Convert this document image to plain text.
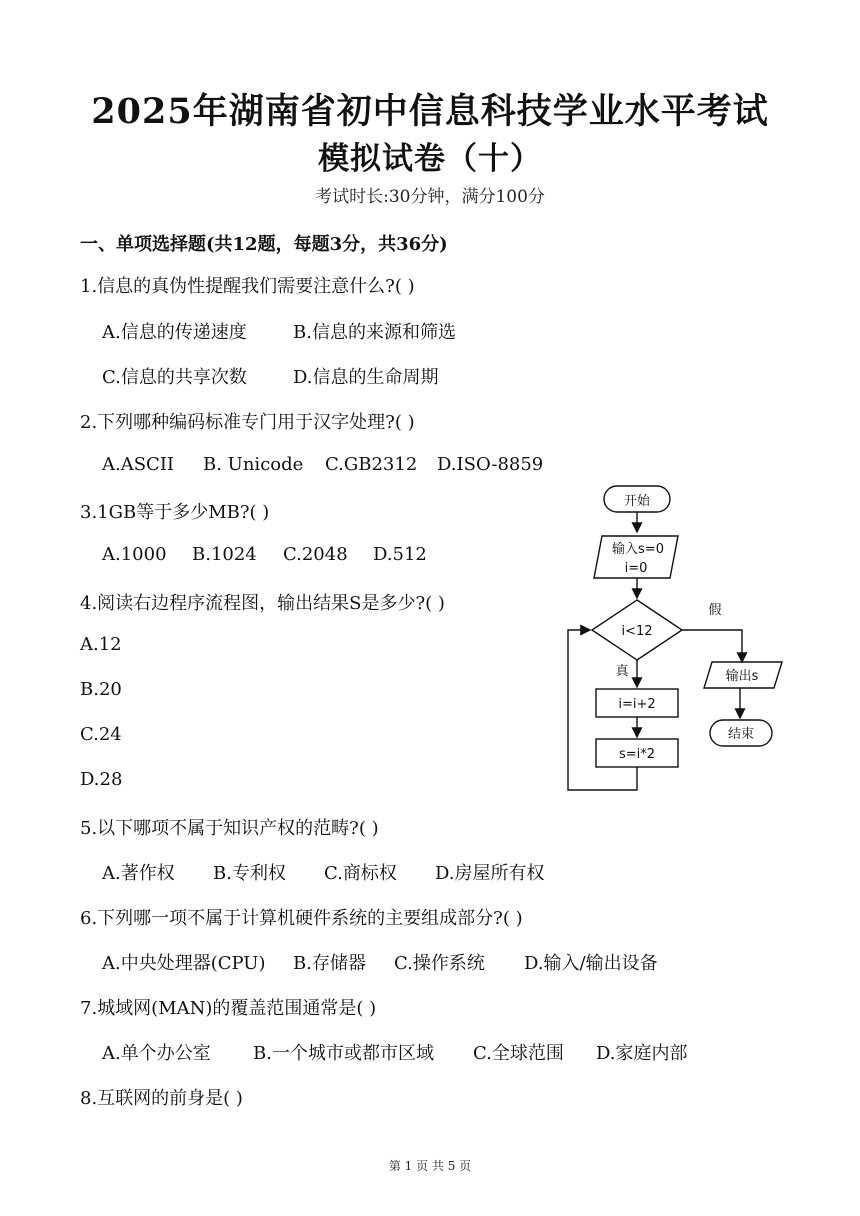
2025年湖南省初中信息科技学业水平考试
模拟试卷（十）
考试时长:30分钟，满分100分
一、单项选择题(共12题，每题3分，共36分)
1.信息的真伪性提醒我们需要注意什么?( )
A.信息的传递速度	B.信息的来源和筛选
C.信息的共享次数	D.信息的生命周期
2.下列哪种编码标准专门用于汉字处理?( )
A.ASCII B. Unicode C.GB2312 D.ISO-8859
3.1GB等于多少MB?( )
A.1000 B.1024 C.2048 D.512
4.阅读右边程序流程图，输出结果S是多少?( )
A.12
B.20
C.24
D.28
5.以下哪项不属于知识产权的范畴?( )
A.著作权 B.专利权 C.商标权 D.房屋所有权
6.下列哪一项不属于计算机硬件系统的主要组成部分?( )
A.中央处理器(CPU) B.存储器 C.操作系统 D.输入/输出设备
7.城域网(MAN)的覆盖范围通常是( )
A.单个办公室 B.一个城市或都市区域 C.全球范围 D.家庭内部
8.互联网的前身是( )
开始
输入s=0
i=0
i<12
假
真
i=i+2
s=i*2
输出s
结束
第 1 页 共 5 页
